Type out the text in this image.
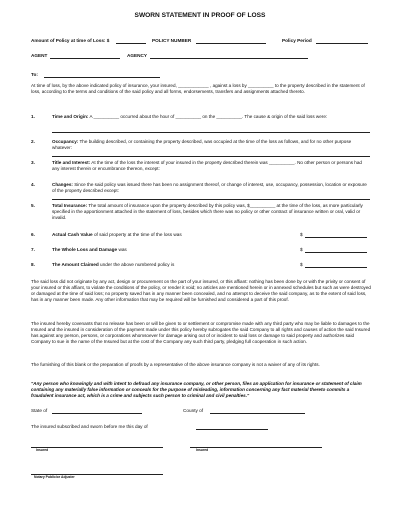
SWORN STATEMENT IN PROOF OF LOSS
Amount of Policy at time of Loss: $	POLICY NUMBER	Policy Period
AGENT	AGENCY
To:
At time of loss, by the above indicated policy of insurance, your insured, ____________ , against a loss by __________ to the property described in the statement of loss, according to the terms and conditions of the said policy and all forms, endorsements, transfers and assignments attached thereto.
1.	Time and Origin: A __________ occurred about the hour of __________ on the __________. The cause & origin of the said loss were:
2.	Occupancy: The building described, or containing the property described, was occupied at the time of the loss as follows, and for no other purpose whatever:
3.	Title and Interest: At the time of the loss the interest of your insured in the property described therein was __________. No other person or persons had any interest therein or encumbrance thereon, except:
4.	Changes: Since the said policy was issued there has been no assignment thereof, or change of interest, use, occupancy, possession, location or exposure of the property described except:
5.	Total Insurance: The total amount of insurance upon the property described by this policy was, $__________ at the time of the loss, as more particularly specified in the apportionment attached in the statement of loss, besides which there was no policy or other contract of insurance written or oral, valid or invalid.
6.	Actual Cash Value of said property at the time of the loss was	$
7.	The Whole Loss and Damage was	$
8.	The Amount Claimed under the above numbered policy is	$
The said loss did not originate by any act, design or procurement on the part of your insured, or this affiant: nothing has been done by or with the privity or consent of your insured or this affiant, to violate the conditions of the policy, or render it void; no articles are mentioned herein or in annexed schedules but such as were destroyed or damaged at the time of said loss; no property saved has in any manner been concealed, and no attempt to deceive the said company, as to the extent of said loss, has in any manner been made. Any other information that may be required will be furnished and considered a part of this proof.
The insured hereby covenants that no release has been or will be given to or settlement or compromise made with any third party who may be liable to damages to the Insured and the insured in consideration of the payment made under this policy hereby subrogates the said Company to all rights and causes of action the said Insured has against any person, persons, or corporations whomsoever for damage arising out of or incident to said loss or damage to said property and authorizes said Company to sue in the name of the Insured but at the cost of the Company any such third party, pledging full cooperation in such action.
The furnishing of this blank or the preparation of proofs by a representative of the above insurance company is not a waiver of any of its rights.
"Any person who knowingly and with intent to defraud any insurance company, or other person, files an application for insurance or statement of claim containing any materially false information or conceals for the purpose of misleading, information concerning any fact material thereto commits a fraudulent insurance act, which is a crime and subjects such person to criminal and civil penalties."
State of	County of
The insured subscribed and sworn before me this day of
Insured	Insured
Notary Public/or Adjuster
